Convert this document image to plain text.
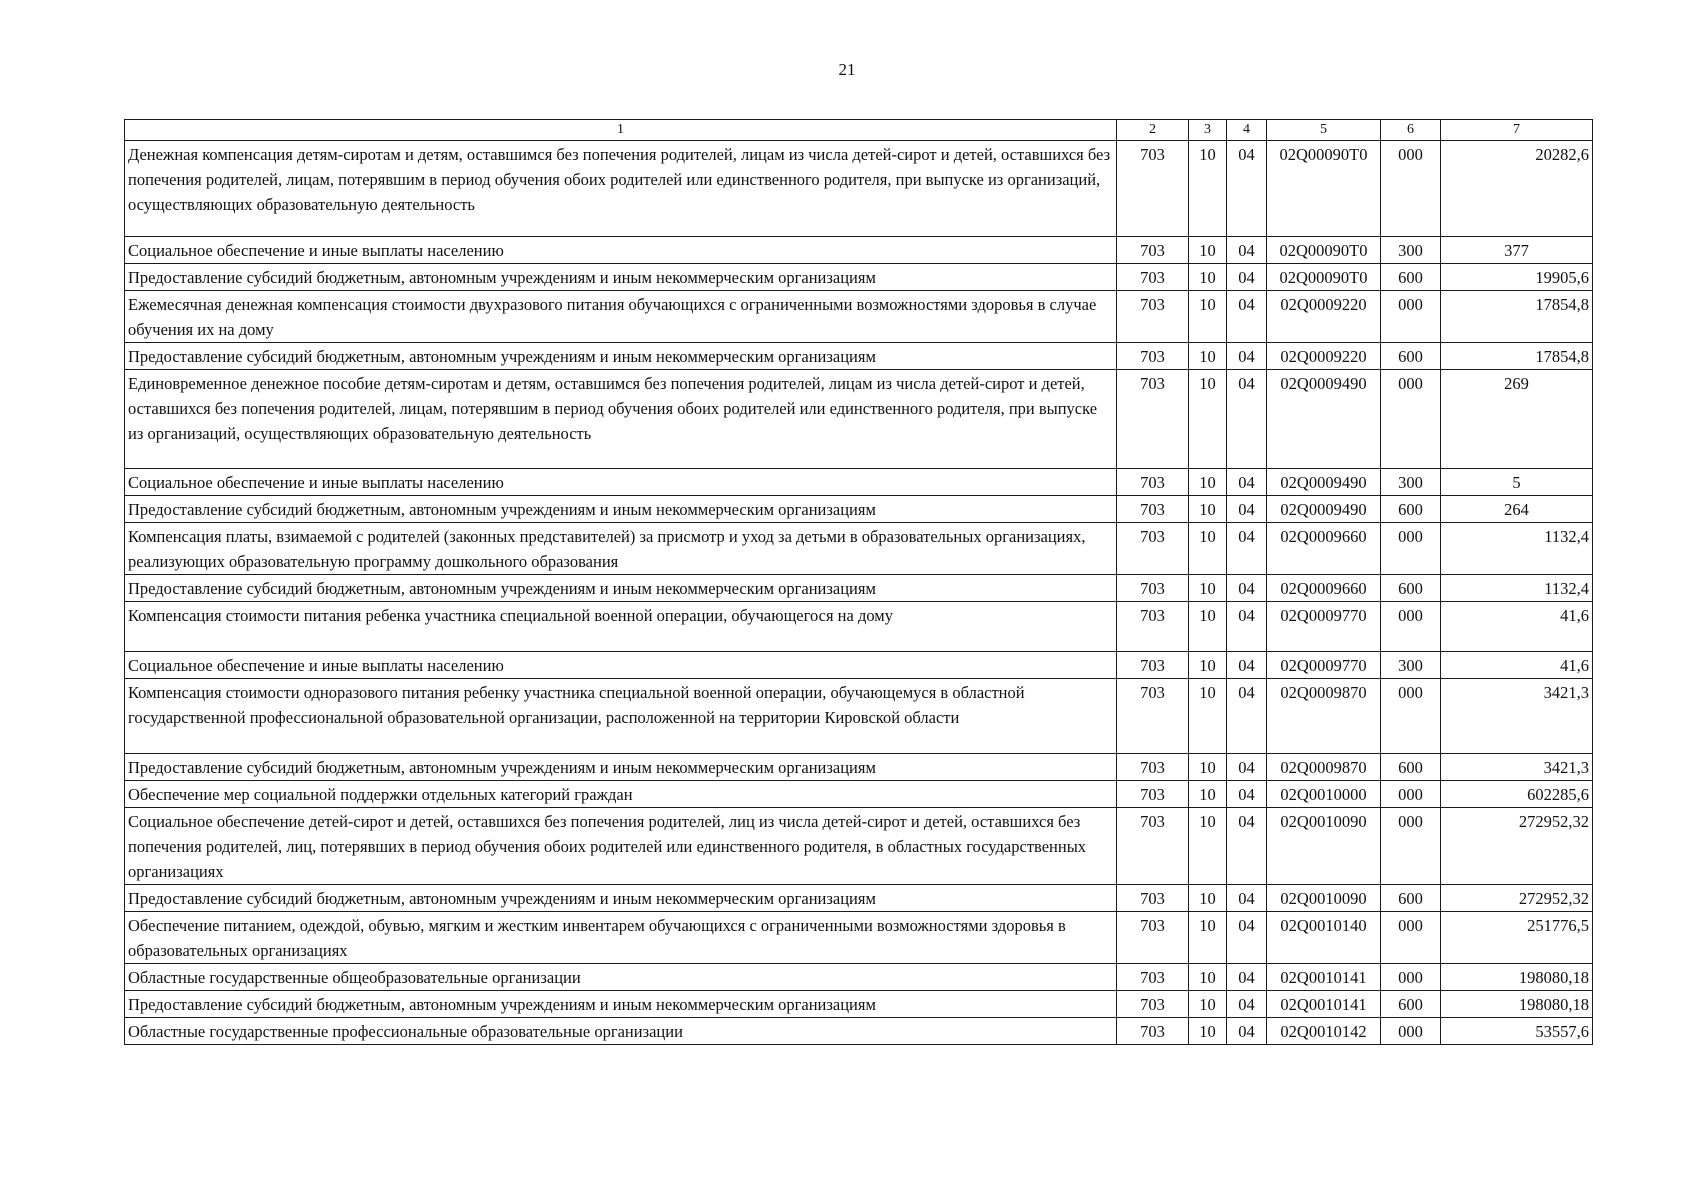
21
1	2	3	4	5	6	7
Денежная компенсация детям-сиротам и детям, оставшимся без попечения родителей, лицам из числа детей-сирот и детей, оставшихся без попечения родителей, лицам, потерявшим в период обучения обоих родителей или единственного родителя, при выпуске из организаций, осуществляющих образовательную деятельность	703	10	04	02Q00090T0	000	20282,6
Социальное обеспечение и иные выплаты населению	703	10	04	02Q00090T0	300	377
Предоставление субсидий бюджетным, автономным учреждениям и иным некоммерческим организациям	703	10	04	02Q00090T0	600	19905,6
Ежемесячная денежная компенсация стоимости двухразового питания обучающихся с ограниченными возможностями здоровья в случае обучения их на дому	703	10	04	02Q0009220	000	17854,8
Предоставление субсидий бюджетным, автономным учреждениям и иным некоммерческим организациям	703	10	04	02Q0009220	600	17854,8
Единовременное денежное пособие детям-сиротам и детям, оставшимся без попечения родителей, лицам из числа детей-сирот и детей, оставшихся без попечения родителей, лицам, потерявшим в период обучения обоих родителей или единственного родителя, при выпуске из организаций, осуществляющих образовательную деятельность	703	10	04	02Q0009490	000	269
Социальное обеспечение и иные выплаты населению	703	10	04	02Q0009490	300	5
Предоставление субсидий бюджетным, автономным учреждениям и иным некоммерческим организациям	703	10	04	02Q0009490	600	264
Компенсация платы, взимаемой с родителей (законных представителей) за присмотр и уход за детьми в образовательных организациях, реализующих образовательную программу дошкольного образования	703	10	04	02Q0009660	000	1132,4
Предоставление субсидий бюджетным, автономным учреждениям и иным некоммерческим организациям	703	10	04	02Q0009660	600	1132,4
Компенсация стоимости питания ребенка участника специальной военной операции, обучающегося на дому	703	10	04	02Q0009770	000	41,6
Социальное обеспечение и иные выплаты населению	703	10	04	02Q0009770	300	41,6
Компенсация стоимости одноразового питания ребенку участника специальной военной операции, обучающемуся в областной государственной профессиональной образовательной организации, расположенной на территории Кировской области	703	10	04	02Q0009870	000	3421,3
Предоставление субсидий бюджетным, автономным учреждениям и иным некоммерческим организациям	703	10	04	02Q0009870	600	3421,3
Обеспечение мер социальной поддержки отдельных категорий граждан	703	10	04	02Q0010000	000	602285,6
Социальное обеспечение детей-сирот и детей, оставшихся без попечения родителей, лиц из числа детей-сирот и детей, оставшихся без попечения родителей, лиц, потерявших в период обучения обоих родителей или единственного родителя, в областных государственных организациях	703	10	04	02Q0010090	000	272952,32
Предоставление субсидий бюджетным, автономным учреждениям и иным некоммерческим организациям	703	10	04	02Q0010090	600	272952,32
Обеспечение питанием, одеждой, обувью, мягким и жестким инвентарем обучающихся с ограниченными возможностями здоровья в образовательных организациях	703	10	04	02Q0010140	000	251776,5
Областные государственные общеобразовательные организации	703	10	04	02Q0010141	000	198080,18
Предоставление субсидий бюджетным, автономным учреждениям и иным некоммерческим организациям	703	10	04	02Q0010141	600	198080,18
Областные государственные профессиональные образовательные организации	703	10	04	02Q0010142	000	53557,6
